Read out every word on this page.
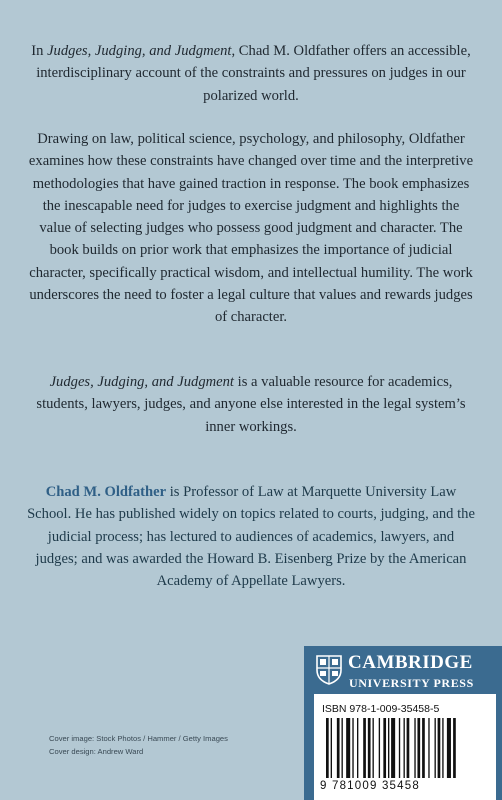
In Judges, Judging, and Judgment, Chad M. Oldfather offers an accessible, interdisciplinary account of the constraints and pressures on judges in our polarized world.

Drawing on law, political science, psychology, and philosophy, Oldfather examines how these constraints have changed over time and the interpretive methodologies that have gained traction in response. The book emphasizes the inescapable need for judges to exercise judgment and highlights the value of selecting judges who possess good judgment and character. The book builds on prior work that emphasizes the importance of judicial character, specifically practical wisdom, and intellectual humility. The work underscores the need to foster a legal culture that values and rewards judges of character.

Judges, Judging, and Judgment is a valuable resource for academics, students, lawyers, judges, and anyone else interested in the legal system’s inner workings.

Chad M. Oldfather is Professor of Law at Marquette University Law School. He has published widely on topics related to courts, judging, and the judicial process; has lectured to audiences of academics, lawyers, and judges; and was awarded the Howard B. Eisenberg Prize by the American Academy of Appellate Lawyers.

Cover image: Stock Photos / Hammer / Getty Images
Cover design: Andrew Ward
CAMBRIDGE
UNIVERSITY PRESS
ISBN 978-1-009-35458-5
9 781009 35458
